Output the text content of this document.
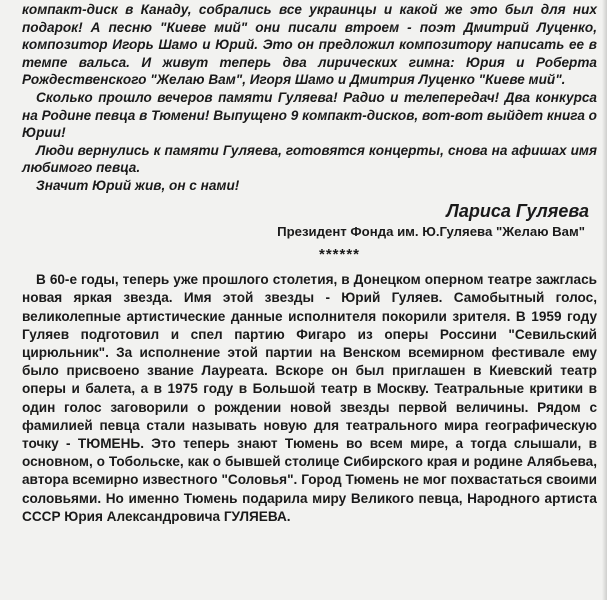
компакт-диск в Канаду, собрались все украинцы и какой же это был для них подарок! А песню "Киеве мий" они писали втроем - поэт Дмитрий Луценко, композитор Игорь Шамо и Юрий. Это он предложил композитору написать ее в темпе вальса. И живут теперь два лирических гимна: Юрия и Роберта Рождественского "Желаю Вам", Игоря Шамо и Дмитрия Луценко "Киеве мий".

Сколько прошло вечеров памяти Гуляева! Радио и телепередач! Два конкурса на Родине певца в Тюмени! Выпущено 9 компакт-дисков, вот-вот выйдет книга о Юрии!

Люди вернулись к памяти Гуляева, готовятся концерты, снова на афишах имя любимого певца.

Значит Юрий жив, он с нами!

Лариса Гуляева
Президент Фонда им. Ю.Гуляева "Желаю Вам"
******

В 60-е годы, теперь уже прошлого столетия, в Донецком оперном театре зажглась новая яркая звезда. Имя этой звезды - Юрий Гуляев. Самобытный голос, великолепные артистические данные исполнителя покорили зрителя. В 1959 году Гуляев подготовил и спел партию Фигаро из оперы Россини "Севильский цирюльник". За исполнение этой партии на Венском всемирном фестивале ему было присвоено звание Лауреата. Вскоре он был приглашен в Киевский театр оперы и балета, а в 1975 году в Большой театр в Москву. Театральные критики в один голос заговорили о рождении новой звезды первой величины. Рядом с фамилией певца стали называть новую для театрального мира географическую точку - ТЮМЕНЬ. Это теперь знают Тюмень во всем мире, а тогда слышали, в основном, о Тобольске, как о бывшей столице Сибирского края и родине Алябьева, автора всемирно известного "Соловья". Город Тюмень не мог похвастаться своими соловьями. Но именно Тюмень подарила миру Великого певца, Народного артиста СССР Юрия Александровича ГУЛЯЕВА.
